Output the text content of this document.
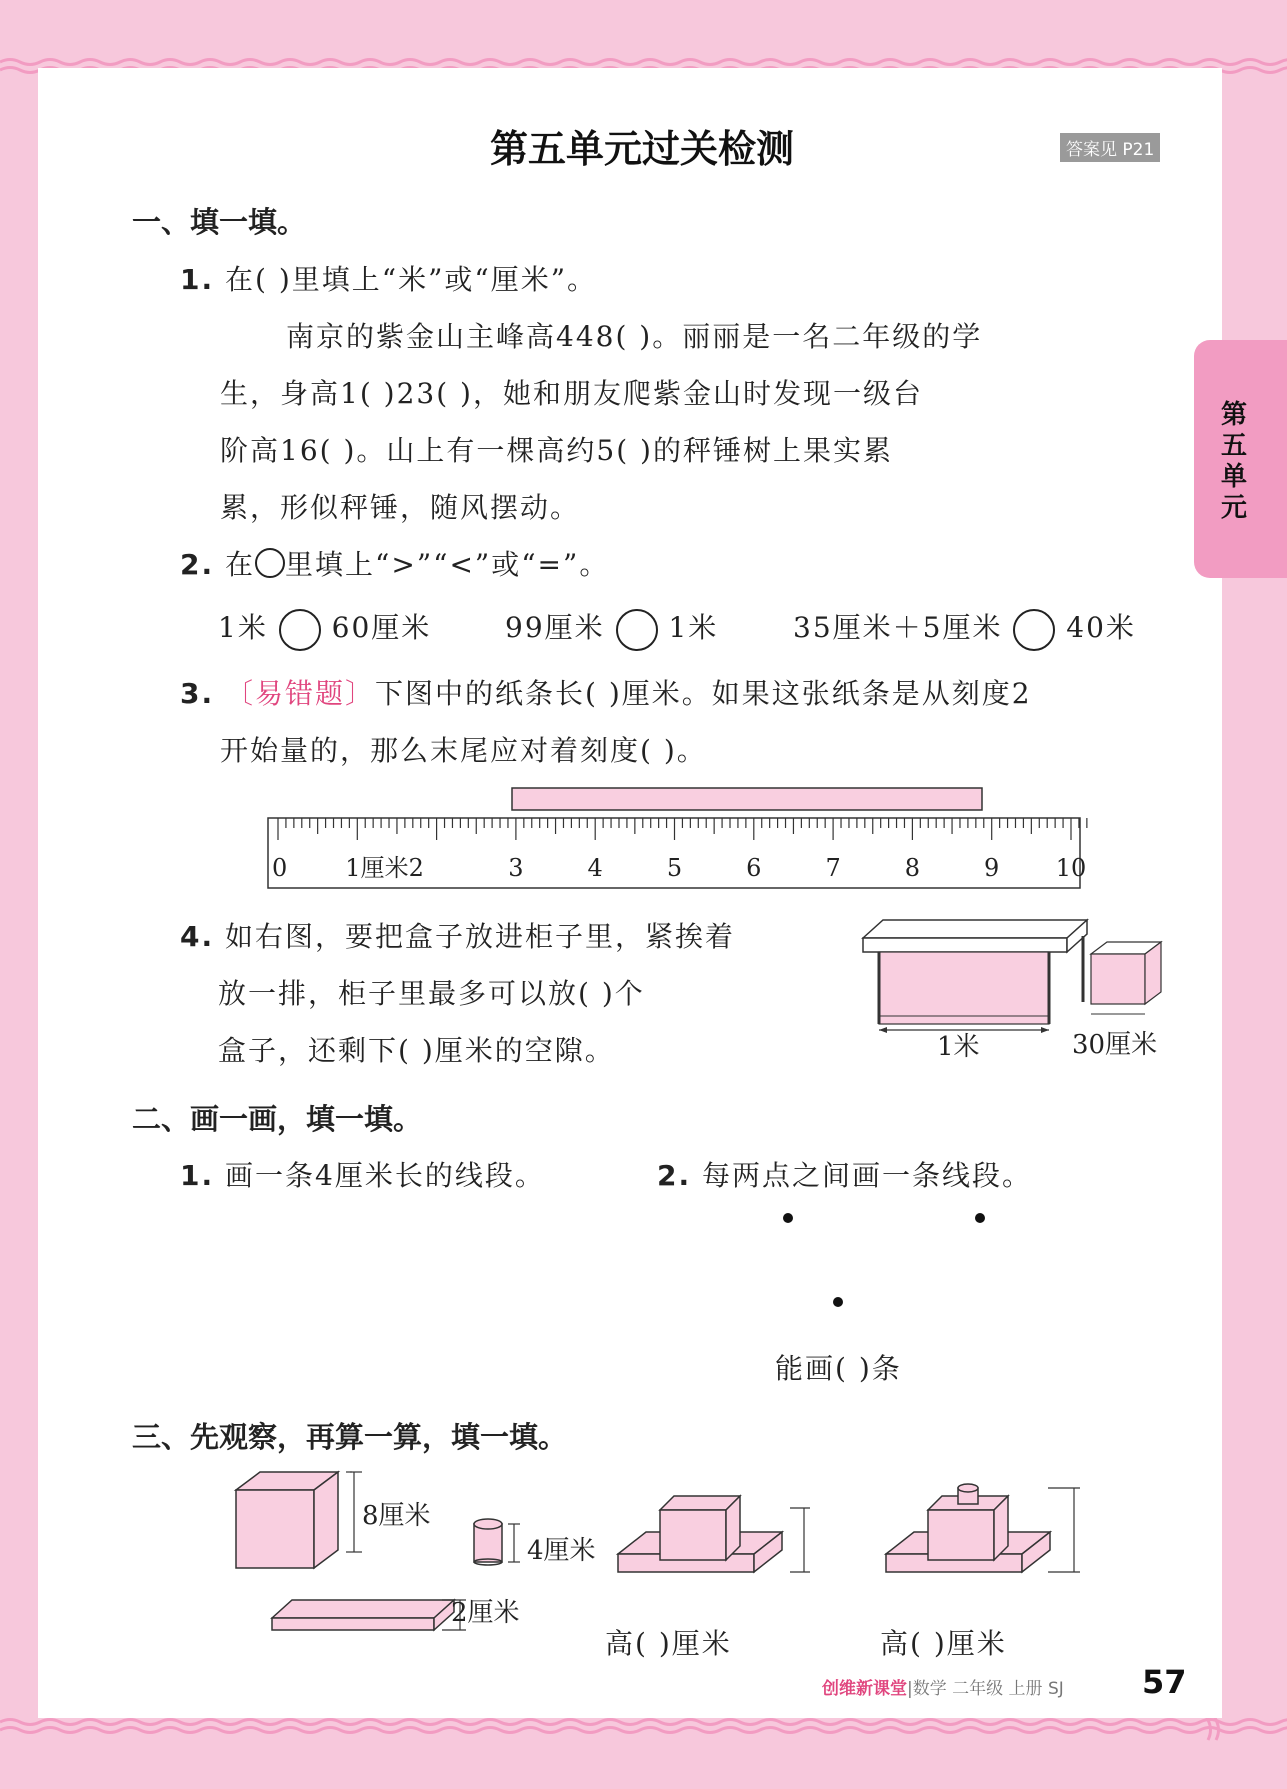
第五单元过关检测	答案见 P21
第五单元
一、填一填。
1. 在( )里填上“米”或“厘米”。
南京的紫金山主峰高448( )。丽丽是一名二年级的学
生，身高1( )23( )，她和朋友爬紫金山时发现一级台
阶高16( )。山上有一棵高约5( )的秤锤树上果实累
累，形似秤锤，随风摆动。
2. 在 里填上“>”“<”或“=”。
1米 60厘米	99厘米 1米	35厘米＋5厘米 40米
3. 〔易错题〕下图中的纸条长( )厘米。如果这张纸条是从刻度2
开始量的，那么末尾应对着刻度( )。
0 1厘米2	3	4	5	6	7	8	9 10
4. 如右图，要把盒子放进柜子里，紧挨着
放一排，柜子里最多可以放( )个
盒子，还剩下( )厘米的空隙。	1米	30厘米
二、画一画，填一填。
1. 画一条4厘米长的线段。	2. 每两点之间画一条线段。
能画( )条
三、先观察，再算一算，填一填。
8厘米
4厘米
2厘米
高( )厘米	高( )厘米
创维新课堂|数学 二年级 上册 SJ 57
